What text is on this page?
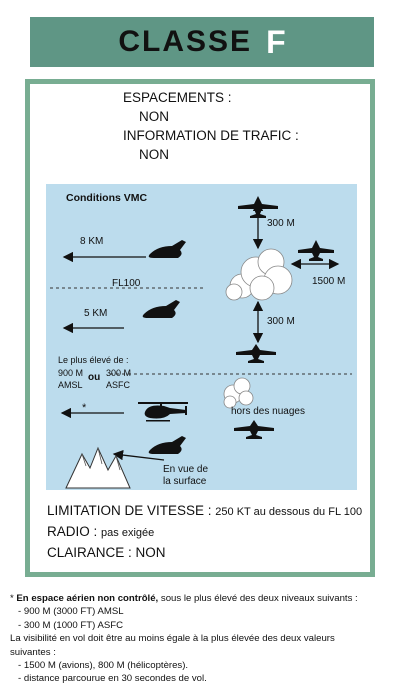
CLASSE F
ESPACEMENTS :
NON
INFORMATION DE TRAFIC :
NON
Conditions VMC
8 KM
FL100
5 KM
300 M
1500 M
300 M
Le plus élevé de :
900 M
AMSL
ou 300 M
ASFC
*	hors des nuages
En vue de
la surface
LIMITATION DE VITESSE : 250 KT au dessous du FL 100
RADIO : pas exigée
CLAIRANCE : NON
* En espace aérien non contrôlé, sous le plus élevé des deux niveaux suivants :
- 900 M (3000 FT) AMSL
- 300 M (1000 FT) ASFC
La visibilité en vol doit être au moins égale à la plus élevée des deux valeurs
suivantes :
- 1500 M (avions), 800 M (hélicoptères).
- distance parcourue en 30 secondes de vol.
